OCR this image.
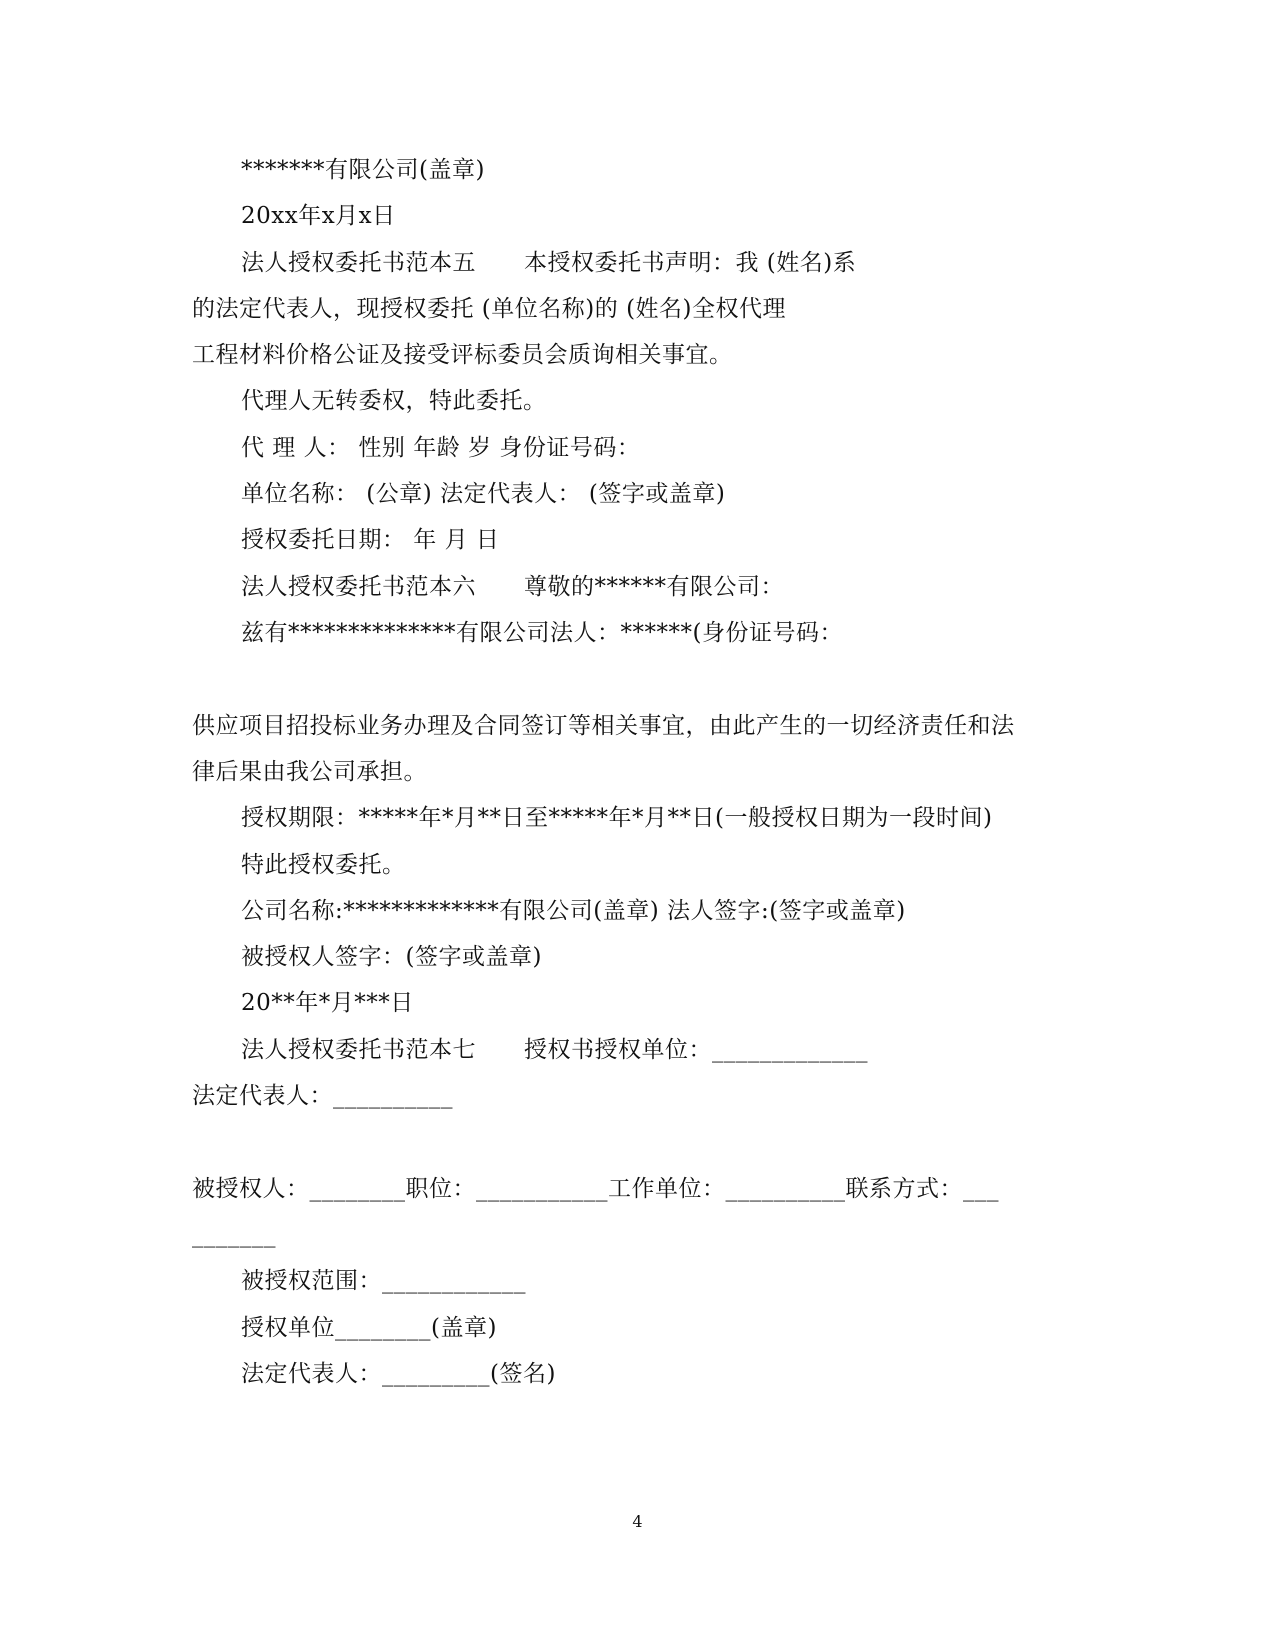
*******有限公司(盖章)
20xx年x月x日
法人授权委托书范本五 本授权委托书声明：我 (姓名)系
的法定代表人，现授权委托 (单位名称)的 (姓名)全权代理
工程材料价格公证及接受评标委员会质询相关事宜。
代理人无转委权，特此委托。
代 理 人： 性别 年龄 岁 身份证号码：
单位名称： (公章) 法定代表人： (签字或盖章)
授权委托日期： 年 月 日
法人授权委托书范本六 尊敬的******有限公司：
兹有**************有限公司法人：******(身份证号码：
供应项目招投标业务办理及合同签订等相关事宜，由此产生的一切经济责任和法
律后果由我公司承担。
授权期限：*****年*月**日至*****年*月**日(一般授权日期为一段时间)
特此授权委托。
公司名称:*************有限公司(盖章) 法人签字:(签字或盖章)
被授权人签字：(签字或盖章)
20**年*月***日
法人授权委托书范本七 授权书授权单位：_____________
法定代表人：__________
被授权人：________职位：___________工作单位：__________联系方式：___
_______
被授权范围：____________
授权单位________(盖章)
法定代表人：_________(签名)
4
